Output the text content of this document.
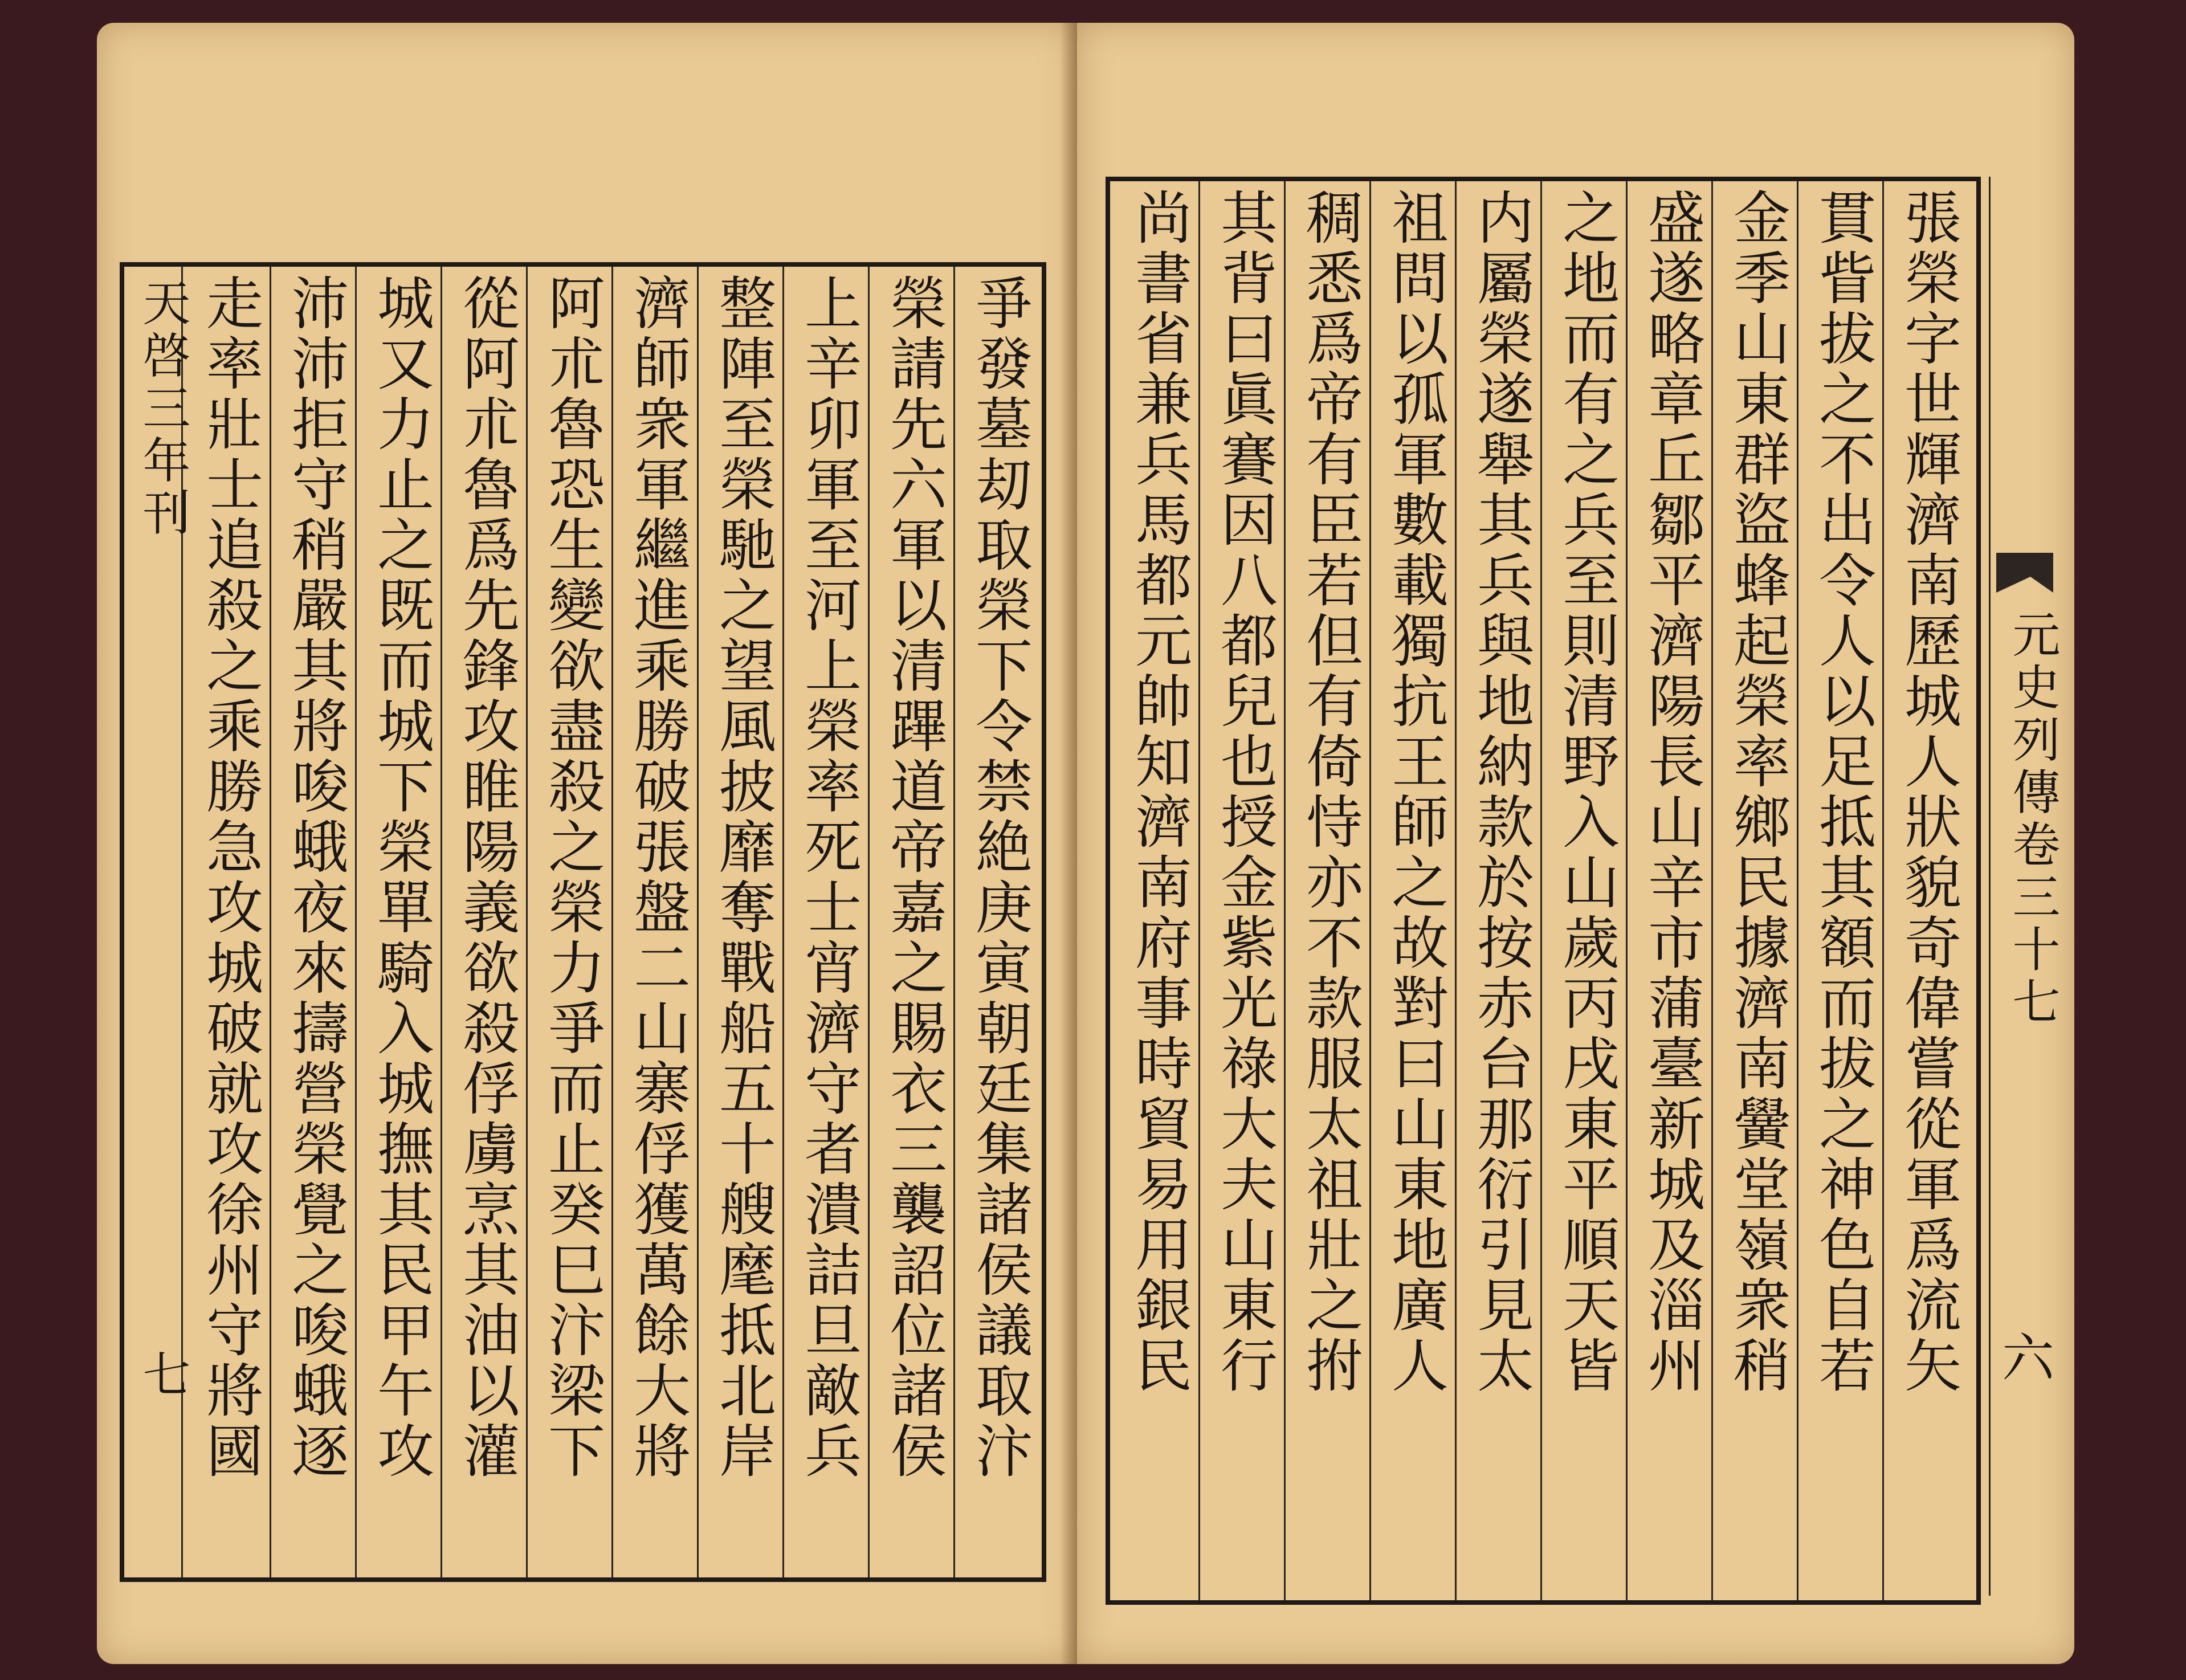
天啓三年刊
七	爭發墓刧取榮下令禁絶庚寅朝廷集諸侯議取汴
榮請先六軍以清蹕道帝嘉之賜衣三襲詔位諸侯
上辛卯軍至河上榮率死士宵濟守者潰詰旦敵兵
整陣至榮馳之望風披靡奪戰船五十艘麾抵北岸
濟師衆軍繼進乘勝破張盤二山寨俘獲萬餘大將
阿朮魯恐生變欲盡殺之榮力爭而止癸巳汴梁下
從阿朮魯爲先鋒攻睢陽義欲殺俘虜烹其油以灌
城又力止之既而城下榮單騎入城撫其民甲午攻
沛沛拒守稍嚴其將唆蛾夜來擣營榮覺之唆蛾逐
走率壯士追殺之乘勝急攻城破就攻徐州守將國	張榮字世輝濟南歷城人狀貌奇偉嘗從軍爲流矢
貫眥拔之不出令人以足抵其額而拔之神色自若
金季山東群盜蜂起榮率鄉民據濟南黌堂嶺衆稍
盛遂略章丘鄒平濟陽長山辛市蒲臺新城及淄州
之地而有之兵至則清野入山歲丙戌東平順天皆
内屬榮遂舉其兵與地納款於按赤台那衍引見太
祖問以孤軍數載獨抗王師之故對曰山東地廣人
稠悉爲帝有臣若但有倚恃亦不款服太祖壯之拊
其背曰眞賽因八都兒也授金紫光祿大夫山東行
尚書省兼兵馬都元帥知濟南府事時貿易用銀民	元史列傳卷三十七
六
